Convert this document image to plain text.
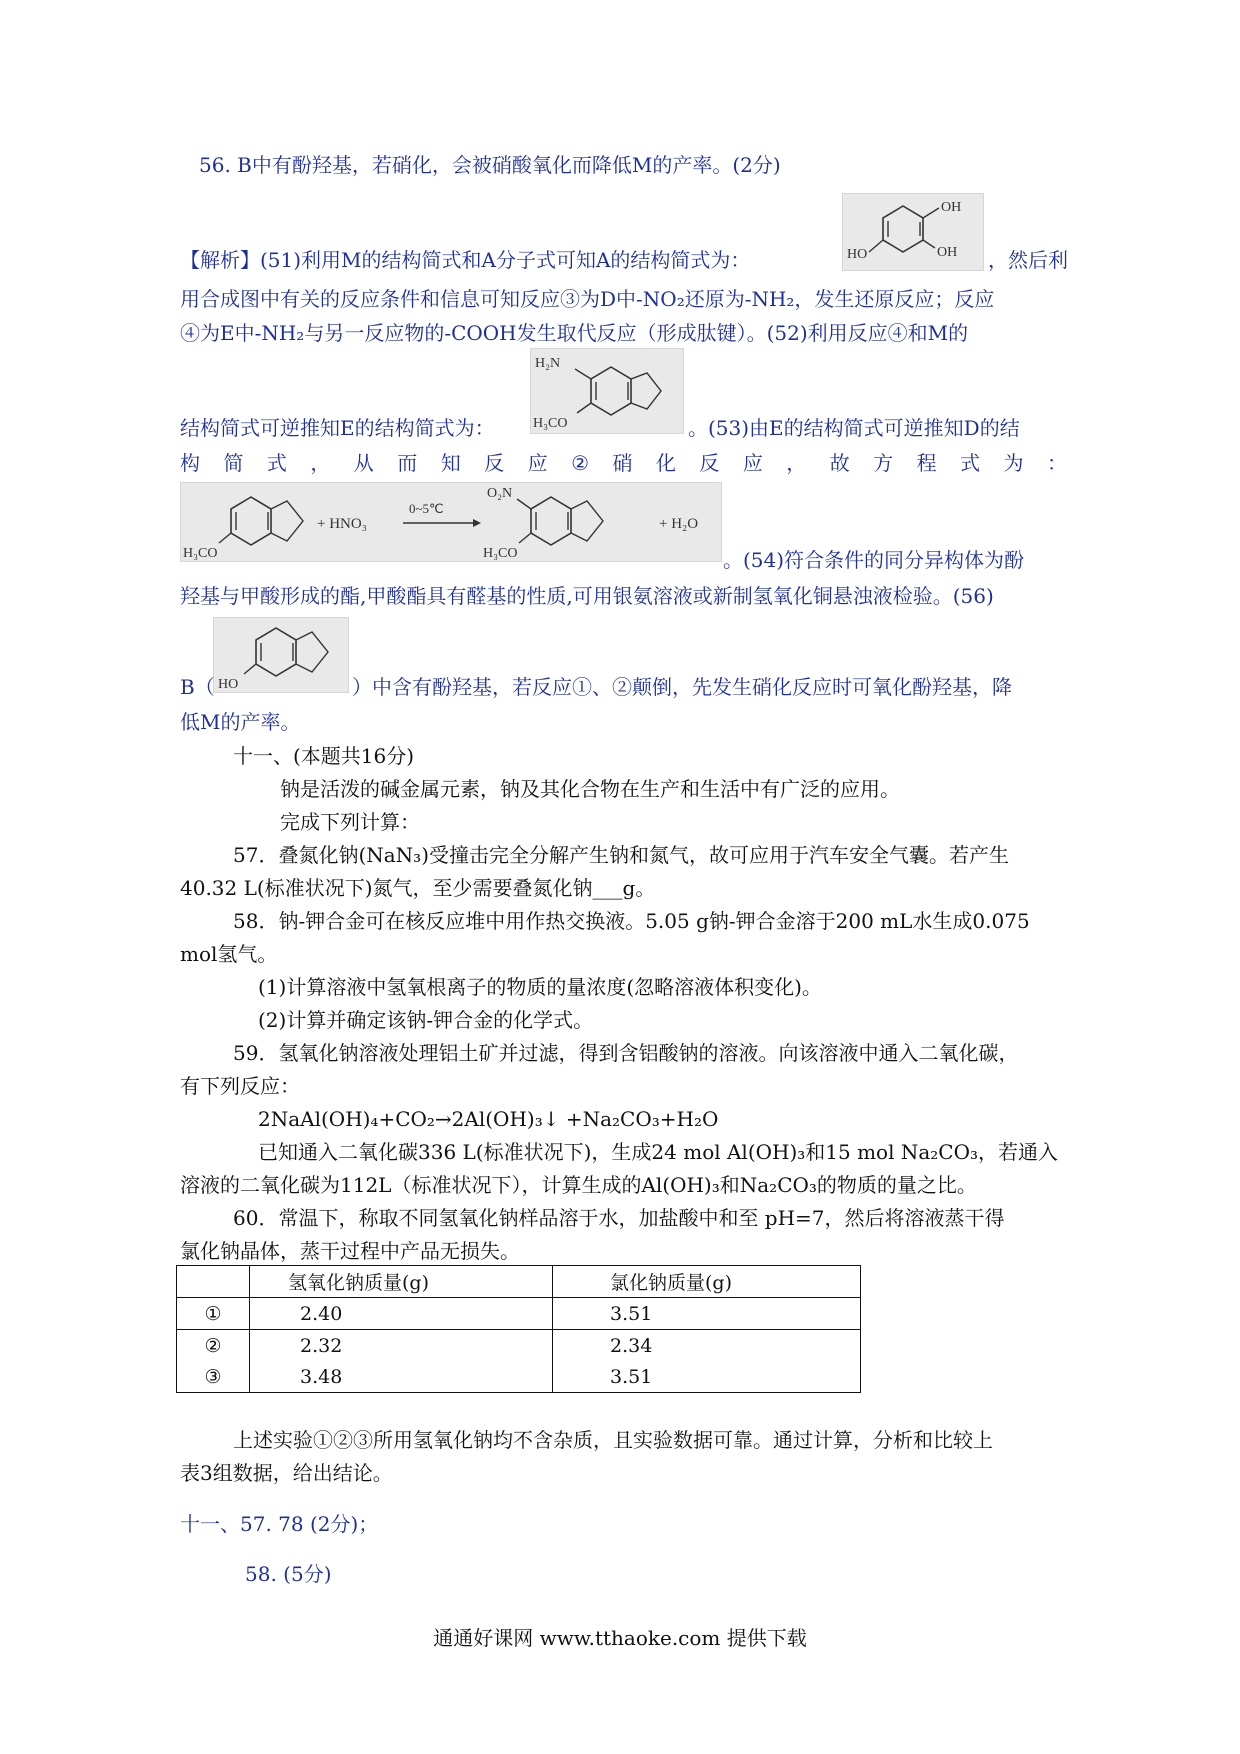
56. B中有酚羟基，若硝化，会被硝酸氧化而降低M的产率。(2分)
OH
OH
HO
【解析】(51)利用M的结构简式和A分子式可知A的结构简式为：	，然后利
用合成图中有关的反应条件和信息可知反应③为D中-NO₂还原为-NH₂，发生还原反应；反应
④为E中-NH₂与另一反应物的-COOH发生取代反应（形成肽键）。(52)利用反应④和M的
H₂N
H₃CO
结构简式可逆推知E的结构简式为：	。(53)由E的结构简式可逆推知D的结
构 简 式 ， 从 而 知 反 应 ② 硝 化 反 应 ， 故 方 程 式 为 ：
H₃CO
+ HNO₃
0~5℃
O₂N
H₃CO
+ H₂O
。(54)符合条件的同分异构体为酚
羟基与甲酸形成的酯,甲酸酯具有醛基的性质,可用银氨溶液或新制氢氧化铜悬浊液检验。(56)
HO
B（	）中含有酚羟基，若反应①、②颠倒，先发生硝化反应时可氧化酚羟基，降
低M的产率。
十一、(本题共16分)
钠是活泼的碱金属元素，钠及其化合物在生产和生活中有广泛的应用。
完成下列计算：
57．叠氮化钠(NaN₃)受撞击完全分解产生钠和氮气，故可应用于汽车安全气囊。若产生
40.32 L(标准状况下)氮气，至少需要叠氮化钠___g。
58．钠-钾合金可在核反应堆中用作热交换液。5.05 g钠-钾合金溶于200 mL水生成0.075
mol氢气。
(1)计算溶液中氢氧根离子的物质的量浓度(忽略溶液体积变化)。
(2)计算并确定该钠-钾合金的化学式。
59．氢氧化钠溶液处理铝土矿并过滤，得到含铝酸钠的溶液。向该溶液中通入二氧化碳，
有下列反应：
2NaAl(OH)₄+CO₂→2Al(OH)₃↓ +Na₂CO₃+H₂O
已知通入二氧化碳336 L(标准状况下)，生成24 mol Al(OH)₃和15 mol Na₂CO₃，若通入
溶液的二氧化碳为112L（标准状况下），计算生成的Al(OH)₃和Na₂CO₃的物质的量之比。
60．常温下，称取不同氢氧化钠样品溶于水，加盐酸中和至 pH=7，然后将溶液蒸干得
氯化钠晶体，蒸干过程中产品无损失。
	氢氧化钠质量(g)	氯化钠质量(g)
①	2.40	3.51
②	2.32	2.34
③	3.48	3.51
上述实验①②③所用氢氧化钠均不含杂质，且实验数据可靠。通过计算，分析和比较上
表3组数据，给出结论。
十一、57. 78 (2分)；
58. (5分)
通通好课网 www.tthaoke.com 提供下载
